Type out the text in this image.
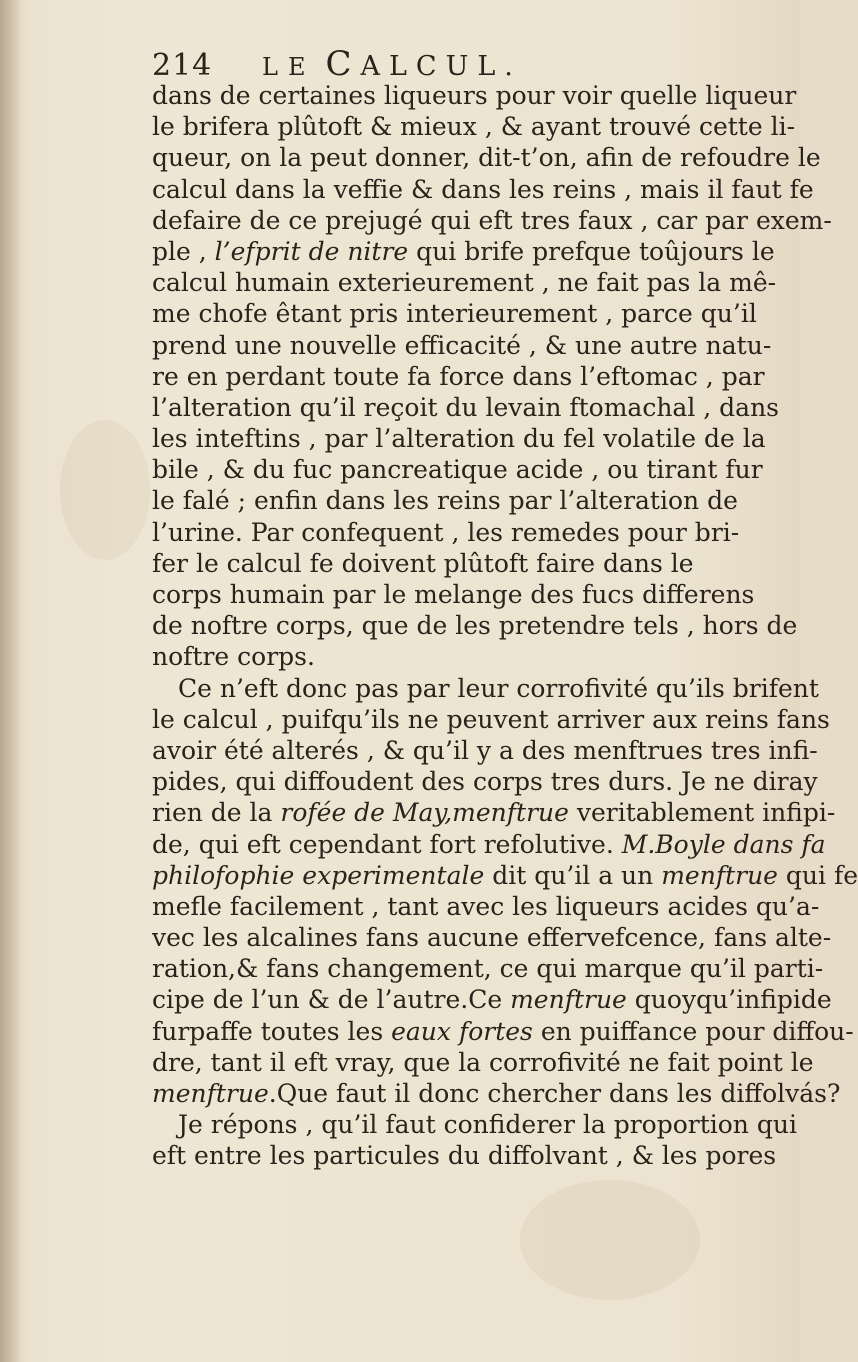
214 LE CALCUL.
dans de certaines liqueurs pour voir quelle liqueur
le brifera plûtoft & mieux , & ayant trouvé cette li-
queur, on la peut donner, dit-t’on, afin de refoudre le
calcul dans la veffie & dans les reins , mais il faut fe
defaire de ce prejugé qui eft tres faux , car par exem-
ple , l’efprit de nitre qui brife prefque toûjours le
calcul humain exterieurement , ne fait pas la mê-
me chofe êtant pris interieurement , parce qu’il
prend une nouvelle efficacité , & une autre natu-
re en perdant toute fa force dans l’eftomac , par
l’alteration qu’il reçoit du levain ftomachal , dans
les inteftins , par l’alteration du fel volatile de la
bile , & du fuc pancreatique acide , ou tirant fur
le falé ; enfin dans les reins par l’alteration de
l’urine. Par confequent , les remedes pour bri-
fer le calcul fe doivent plûtoft faire dans le
corps humain par le melange des fucs differens
de noftre corps, que de les pretendre tels , hors de
noftre corps.
Ce n’eft donc pas par leur corrofivité qu’ils brifent
le calcul , puifqu’ils ne peuvent arriver aux reins fans
avoir été alterés , & qu’il y a des menftrues tres infi-
pides, qui diffoudent des corps tres durs. Je ne diray
rien de la rofée de May,menftrue veritablement infipi-
de, qui eft cependant fort refolutive. M.Boyle dans fa
philofophie experimentale dit qu’il a un menftrue qui fe
mefle facilement , tant avec les liqueurs acides qu’a-
vec les alcalines fans aucune effervefcence, fans alte-
ration,& fans changement, ce qui marque qu’il parti-
cipe de l’un & de l’autre.Ce menftrue quoyqu’infipide
furpaffe toutes les eaux fortes en puiffance pour diffou-
dre, tant il eft vray, que la corrofivité ne fait point le
menftrue.Que faut il donc chercher dans les diffolvás?
Je répons , qu’il faut confiderer la proportion qui
eft entre les particules du diffolvant , & les pores
